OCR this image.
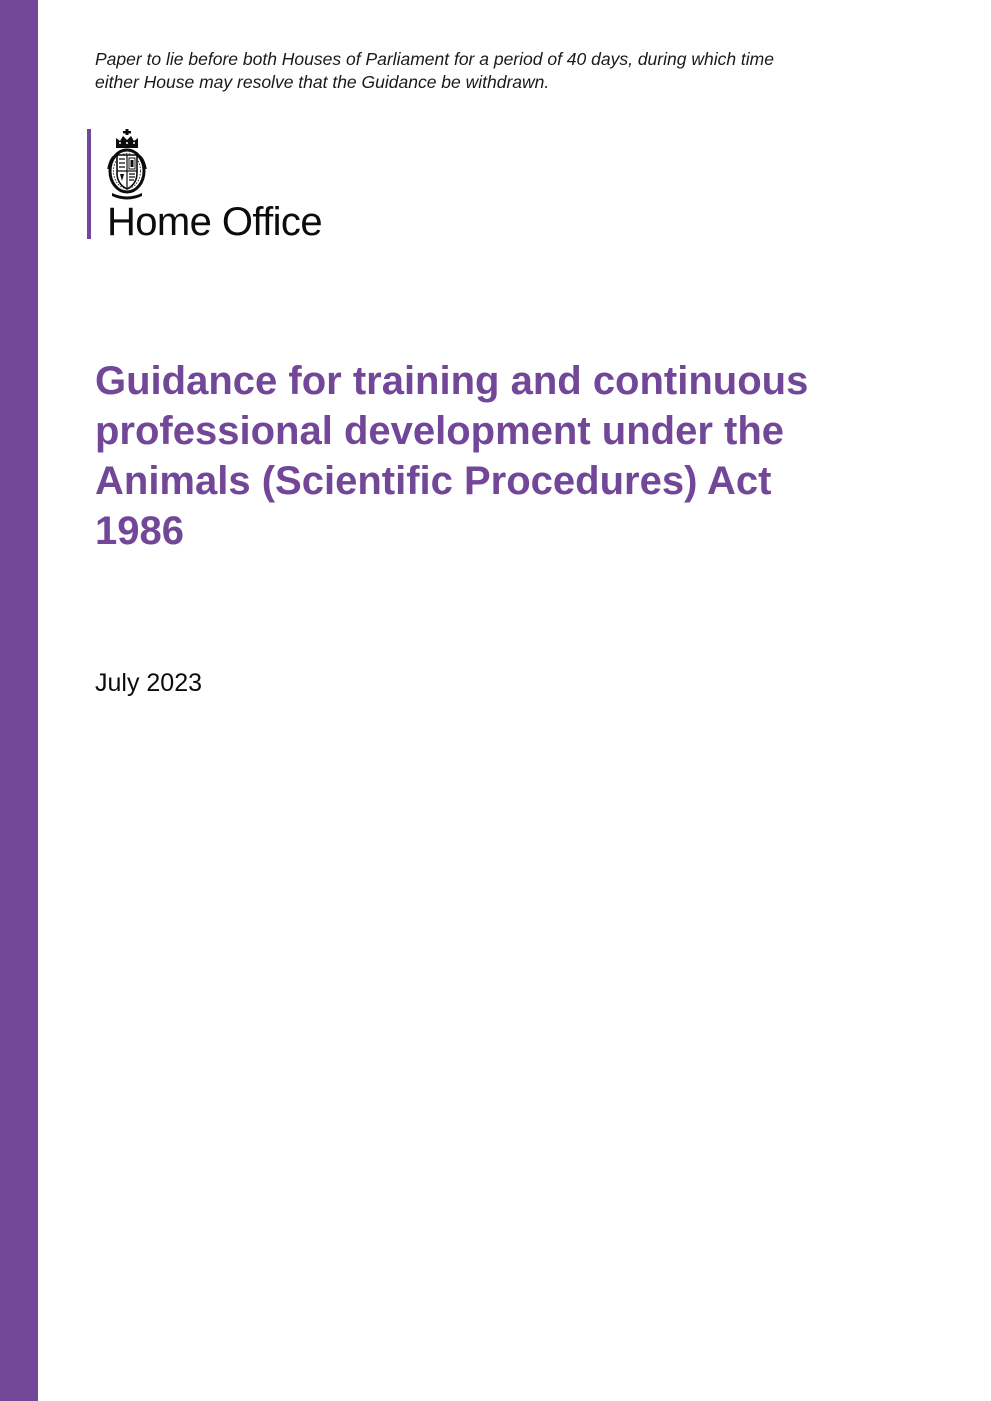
Paper to lie before both Houses of Parliament for a period of 40 days, during which time

either House may resolve that the Guidance be withdrawn.

Home Office
Guidance for training and continuous
professional development under the
Animals (Scientific Procedures) Act
1986
July 2023
